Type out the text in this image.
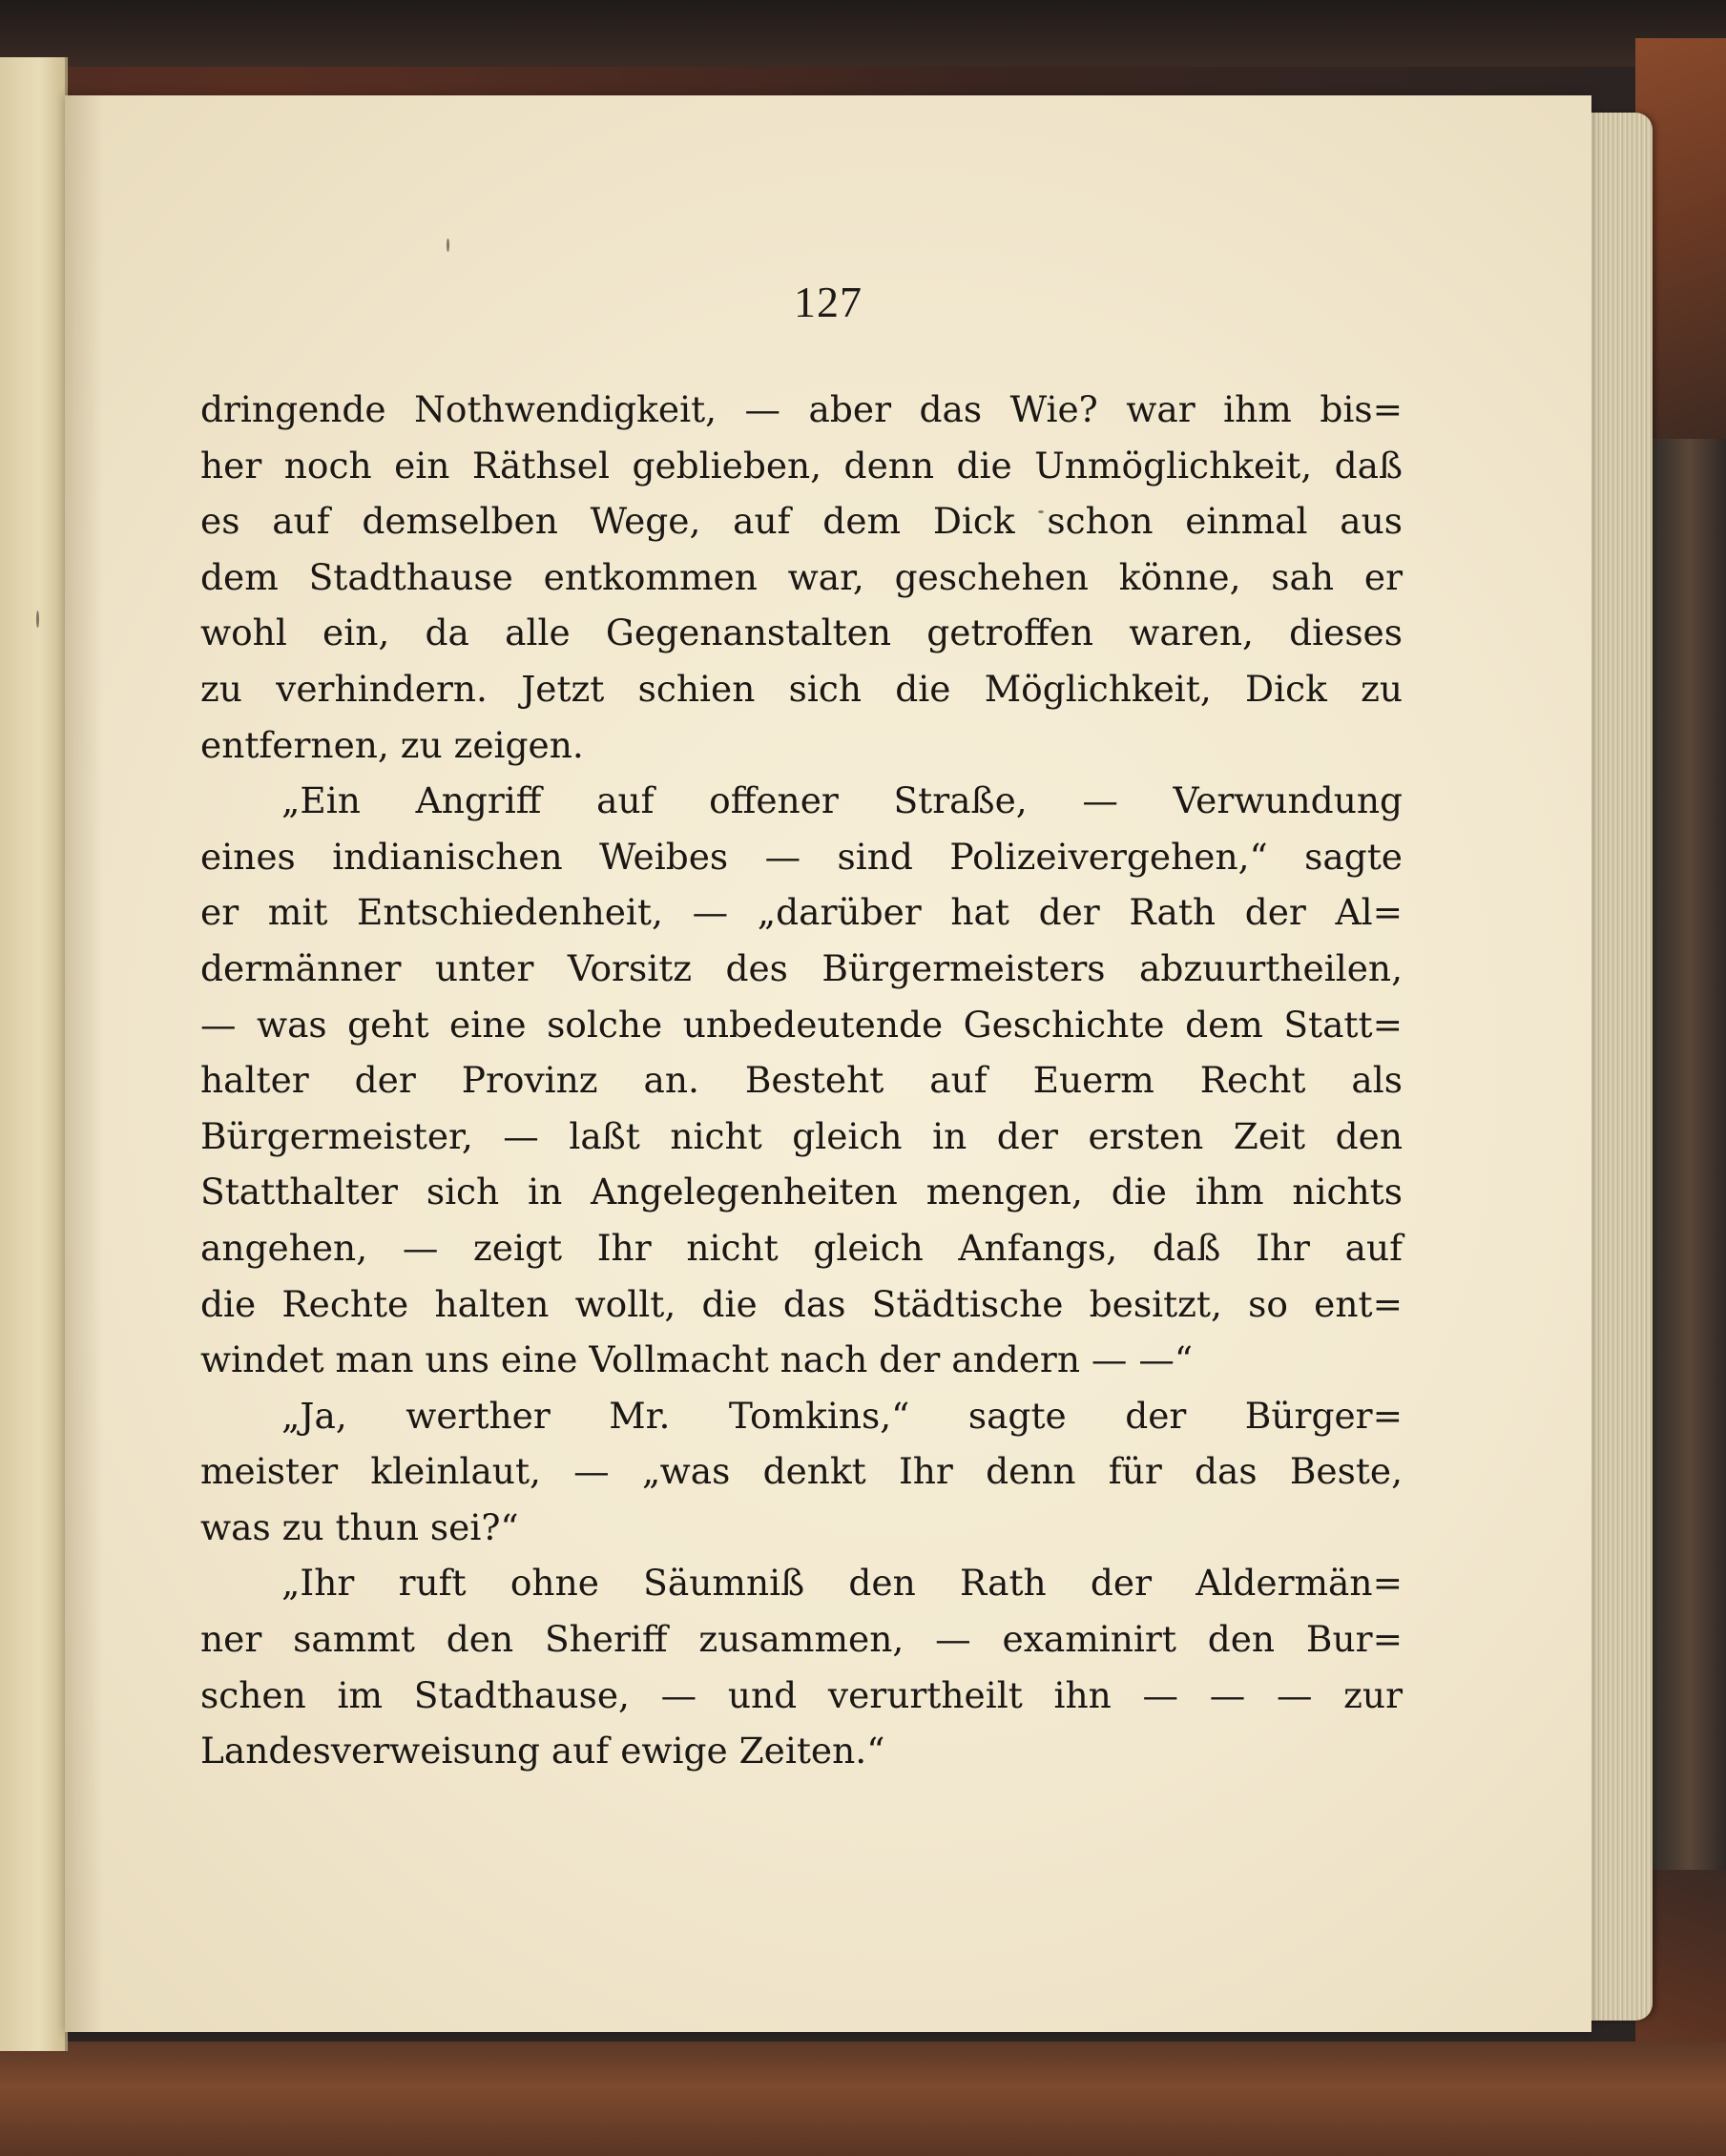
127
dringende Nothwendigkeit, — aber das Wie? war ihm bis=
her noch ein Räthsel geblieben, denn die Unmöglichkeit, daß
es auf demselben Wege, auf dem Dick schon einmal aus
dem Stadthause entkommen war, geschehen könne, sah er
wohl ein, da alle Gegenanstalten getroffen waren, dieses
zu verhindern. Jetzt schien sich die Möglichkeit, Dick zu
entfernen, zu zeigen.
„Ein Angriff auf offener Straße, — Verwundung
eines indianischen Weibes — sind Polizeivergehen,“ sagte
er mit Entschiedenheit, — „darüber hat der Rath der Al=
dermänner unter Vorsitz des Bürgermeisters abzuurtheilen,
— was geht eine solche unbedeutende Geschichte dem Statt=
halter der Provinz an. Besteht auf Euerm Recht als
Bürgermeister, — laßt nicht gleich in der ersten Zeit den
Statthalter sich in Angelegenheiten mengen, die ihm nichts
angehen, — zeigt Ihr nicht gleich Anfangs, daß Ihr auf
die Rechte halten wollt, die das Städtische besitzt, so ent=
windet man uns eine Vollmacht nach der andern — —“
„Ja, werther Mr. Tomkins,“ sagte der Bürger=
meister kleinlaut, — „was denkt Ihr denn für das Beste,
was zu thun sei?“
„Ihr ruft ohne Säumniß den Rath der Aldermän=
ner sammt den Sheriff zusammen, — examinirt den Bur=
schen im Stadthause, — und verurtheilt ihn — — — zur
Landesverweisung auf ewige Zeiten.“
